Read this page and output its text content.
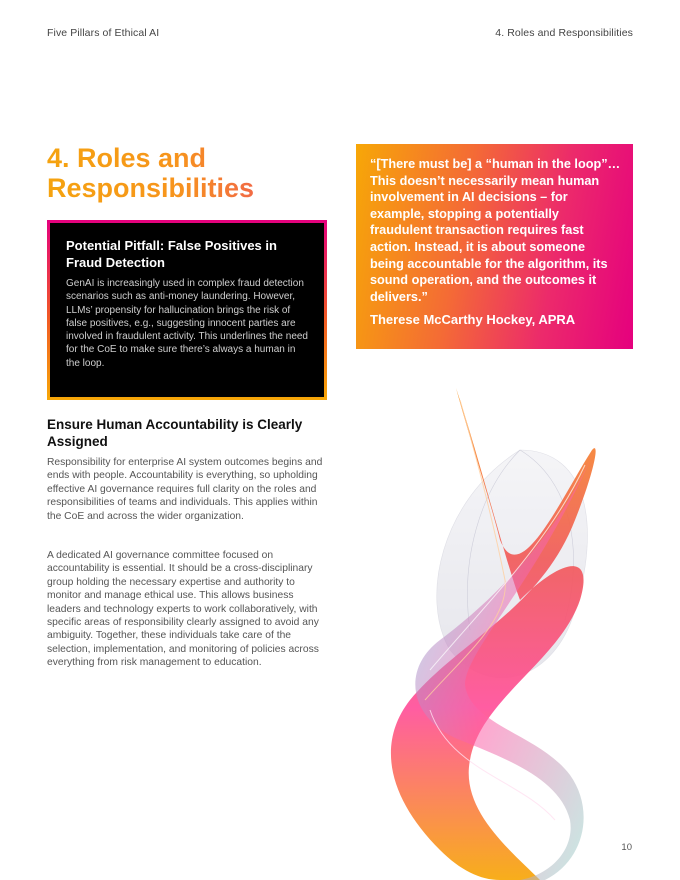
Five Pillars of Ethical AI	4. Roles and Responsibilities
4. Roles and Responsibilities

Potential Pitfall: False Positives in Fraud Detection

GenAI is increasingly used in complex fraud detection scenarios such as anti-money laundering. However, LLMs’ propensity for hallucination brings the risk of false positives, e.g., suggesting innocent parties are involved in fraudulent activity. This underlines the need for the CoE to make sure there’s always a human in the loop.

Ensure Human Accountability is Clearly Assigned

Responsibility for enterprise AI system outcomes begins and ends with people. Accountability is everything, so upholding effective AI governance requires full clarity on the roles and responsibilities of teams and individuals. This applies within the CoE and across the wider organization.

A dedicated AI governance committee focused on accountability is essential. It should be a cross-disciplinary group holding the necessary expertise and authority to monitor and manage ethical use. This allows business leaders and technology experts to work collaboratively, with specific areas of responsibility clearly assigned to avoid any ambiguity. Together, these individuals take care of the selection, implementation, and monitoring of policies across everything from risk management to education.

“[There must be] a “human in the loop”…This doesn’t necessarily mean human involvement in AI decisions – for example, stopping a potentially fraudulent transaction requires fast action. Instead, it is about someone being accountable for the algorithm, its sound operation, and the outcomes it delivers.”

Therese McCarthy Hockey, APRA

10
